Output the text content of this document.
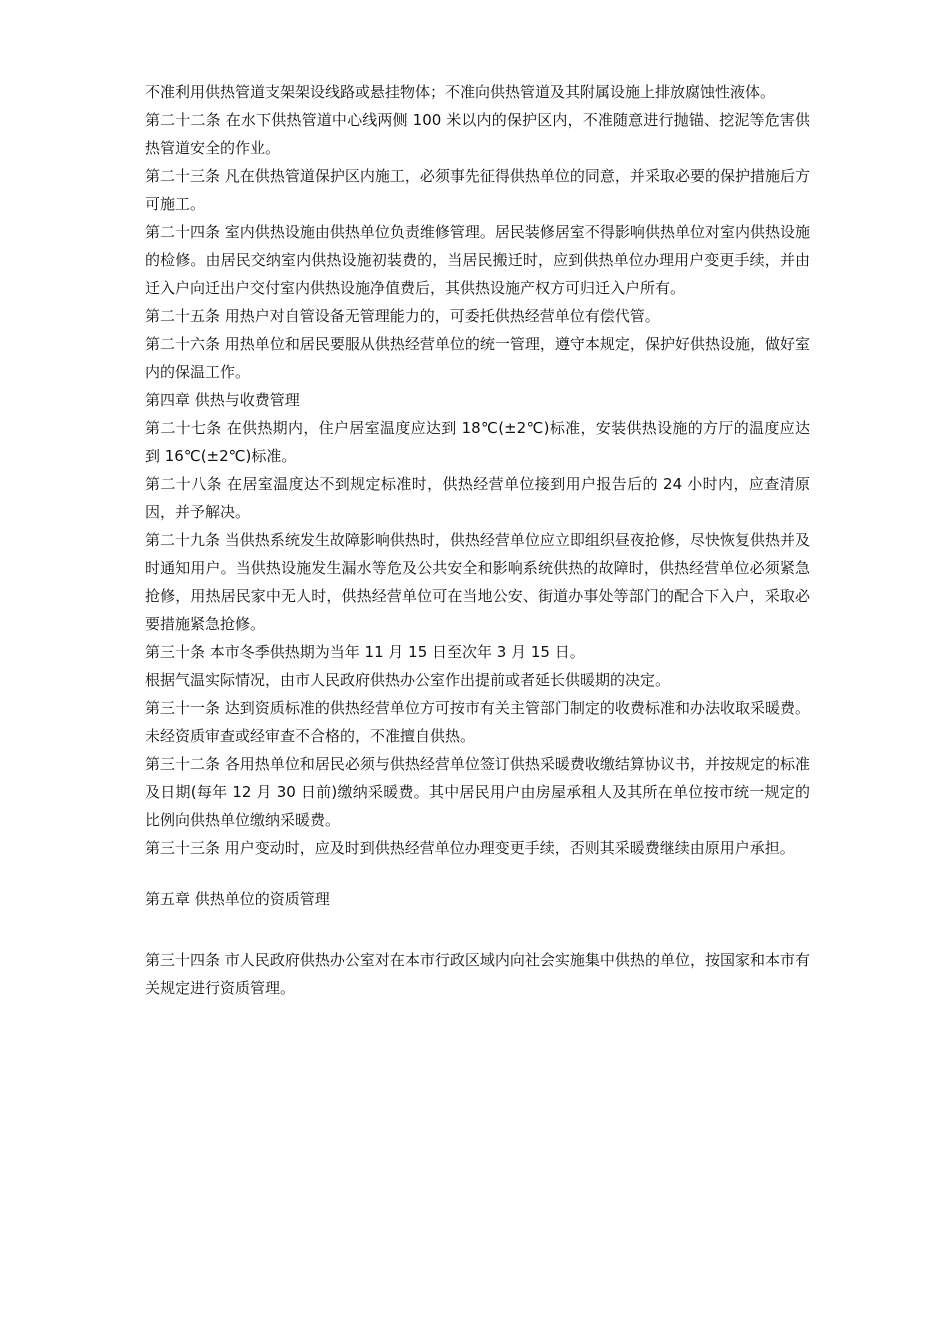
不准利用供热管道支架架设线路或悬挂物体；不准向供热管道及其附属设施上排放腐蚀性液体。

第二十二条 在水下供热管道中心线两侧 100 米以内的保护区内，不准随意进行抛锚、挖泥等危害供热管道安全的作业。

第二十三条 凡在供热管道保护区内施工，必须事先征得供热单位的同意，并采取必要的保护措施后方可施工。

第二十四条 室内供热设施由供热单位负责维修管理。居民装修居室不得影响供热单位对室内供热设施的检修。由居民交纳室内供热设施初装费的，当居民搬迁时，应到供热单位办理用户变更手续，并由迁入户向迁出户交付室内供热设施净值费后，其供热设施产权方可归迁入户所有。

第二十五条 用热户对自管设备无管理能力的，可委托供热经营单位有偿代管。

第二十六条 用热单位和居民要服从供热经营单位的统一管理，遵守本规定，保护好供热设施，做好室内的保温工作。

第四章 供热与收费管理

第二十七条 在供热期内，住户居室温度应达到 18℃(±2℃)标准，安装供热设施的方厅的温度应达到 16℃(±2℃)标准。

第二十八条 在居室温度达不到规定标准时，供热经营单位接到用户报告后的 24 小时内，应查清原因，并予解决。

第二十九条 当供热系统发生故障影响供热时，供热经营单位应立即组织昼夜抢修，尽快恢复供热并及时通知用户。当供热设施发生漏水等危及公共安全和影响系统供热的故障时，供热经营单位必须紧急抢修，用热居民家中无人时，供热经营单位可在当地公安、街道办事处等部门的配合下入户，采取必要措施紧急抢修。

第三十条 本市冬季供热期为当年 11 月 15 日至次年 3 月 15 日。

根据气温实际情况，由市人民政府供热办公室作出提前或者延长供暖期的决定。

第三十一条 达到资质标准的供热经营单位方可按市有关主管部门制定的收费标准和办法收取采暖费。未经资质审查或经审查不合格的，不准擅自供热。

第三十二条 各用热单位和居民必须与供热经营单位签订供热采暖费收缴结算协议书，并按规定的标准及日期(每年 12 月 30 日前)缴纳采暖费。其中居民用户由房屋承租人及其所在单位按市统一规定的比例向供热单位缴纳采暖费。

第三十三条 用户变动时，应及时到供热经营单位办理变更手续，否则其采暖费继续由原用户承担。

第五章 供热单位的资质管理

第三十四条 市人民政府供热办公室对在本市行政区域内向社会实施集中供热的单位，按国家和本市有关规定进行资质管理。
